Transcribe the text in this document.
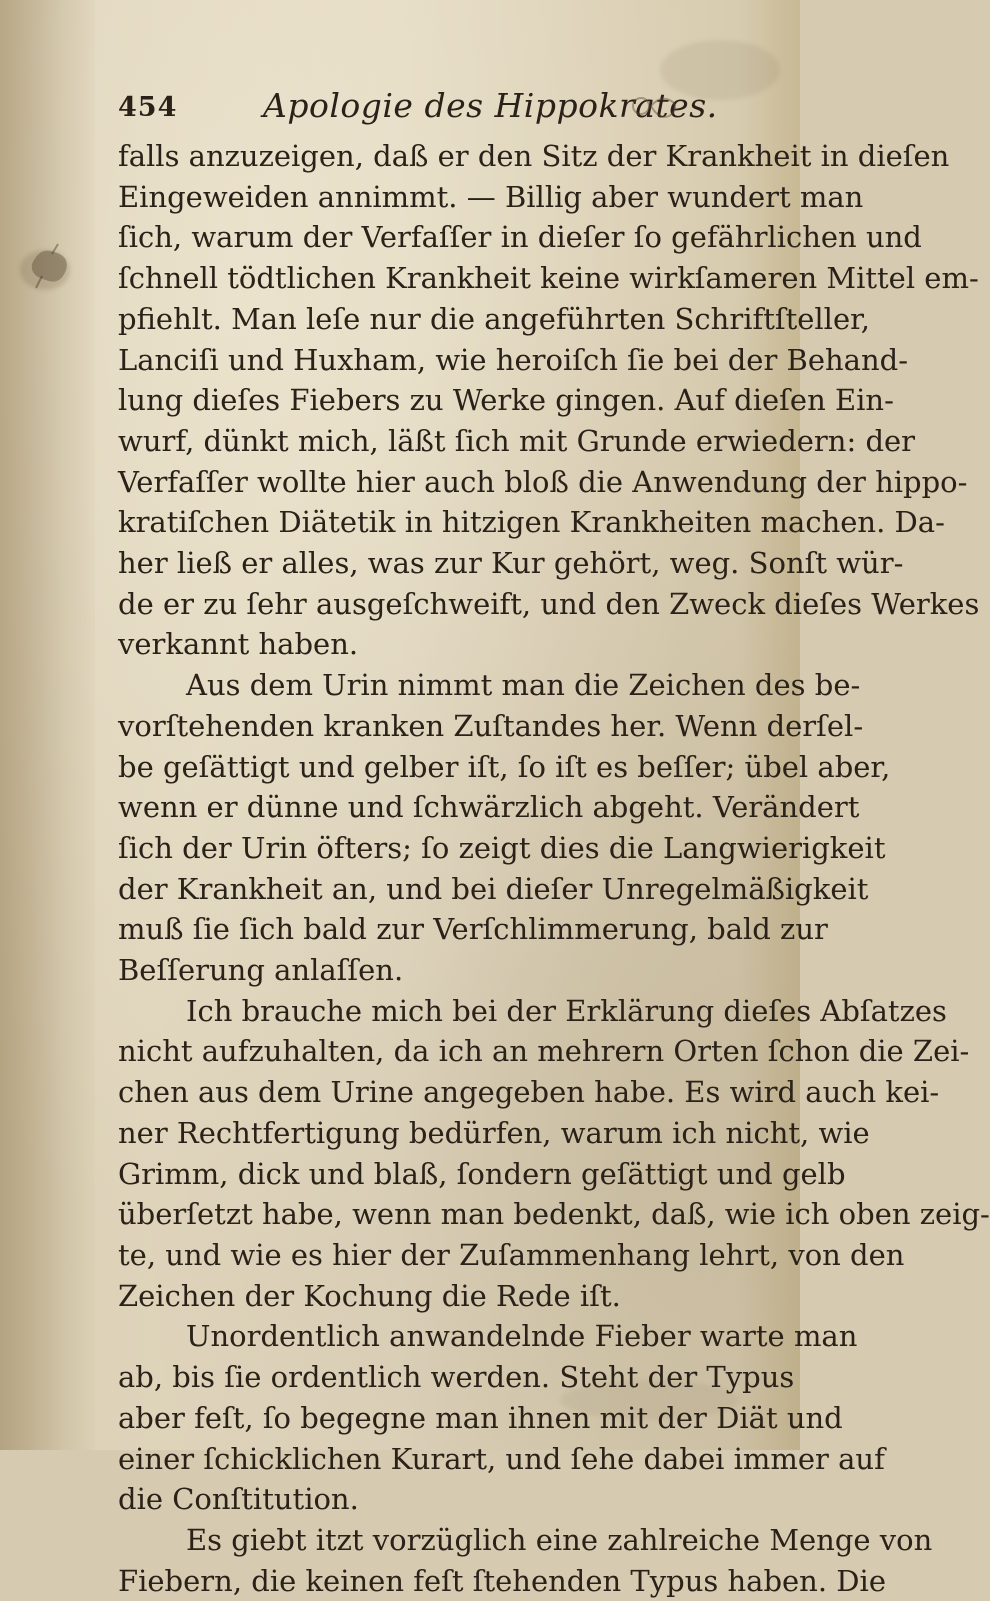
454	Apologie des Hippokrates.
falls anzuzeigen, daß er den Sitz der Krankheit in dieſen
Eingeweiden annimmt. — Billig aber wundert man
ſich, warum der Verfaſſer in dieſer ſo gefährlichen und
ſchnell tödtlichen Krankheit keine wirkſameren Mittel em-
pfiehlt. Man leſe nur die angeführten Schriftſteller,
Lanciſi und Huxham, wie heroiſch ſie bei der Behand-
lung dieſes Fiebers zu Werke gingen. Auf dieſen Ein-
wurf, dünkt mich, läßt ſich mit Grunde erwiedern: der
Verfaſſer wollte hier auch bloß die Anwendung der hippo-
kratiſchen Diätetik in hitzigen Krankheiten machen. Da-
her ließ er alles, was zur Kur gehört, weg. Sonſt wür-
de er zu ſehr ausgeſchweift, und den Zweck dieſes Werkes
verkannt haben.
Aus dem Urin nimmt man die Zeichen des be-
vorſtehenden kranken Zuſtandes her. Wenn derſel-
be geſättigt und gelber iſt, ſo iſt es beſſer; übel aber,
wenn er dünne und ſchwärzlich abgeht. Verändert
ſich der Urin öfters; ſo zeigt dies die Langwierigkeit
der Krankheit an, und bei dieſer Unregelmäßigkeit
muß ſie ſich bald zur Verſchlimmerung, bald zur
Beſſerung anlaſſen.
Ich brauche mich bei der Erklärung dieſes Abſatzes
nicht aufzuhalten, da ich an mehrern Orten ſchon die Zei-
chen aus dem Urine angegeben habe. Es wird auch kei-
ner Rechtfertigung bedürfen, warum ich nicht, wie
Grimm, dick und blaß, ſondern geſättigt und gelb
überſetzt habe, wenn man bedenkt, daß, wie ich oben zeig-
te, und wie es hier der Zuſammenhang lehrt, von den
Zeichen der Kochung die Rede iſt.
Unordentlich anwandelnde Fieber warte man
ab, bis ſie ordentlich werden. Steht der Typus
aber feſt, ſo begegne man ihnen mit der Diät und
einer ſchicklichen Kurart, und ſehe dabei immer auf
die Conſtitution.
Es giebt itzt vorzüglich eine zahlreiche Menge von
Fiebern, die keinen feſt ſtehenden Typus haben. Die
